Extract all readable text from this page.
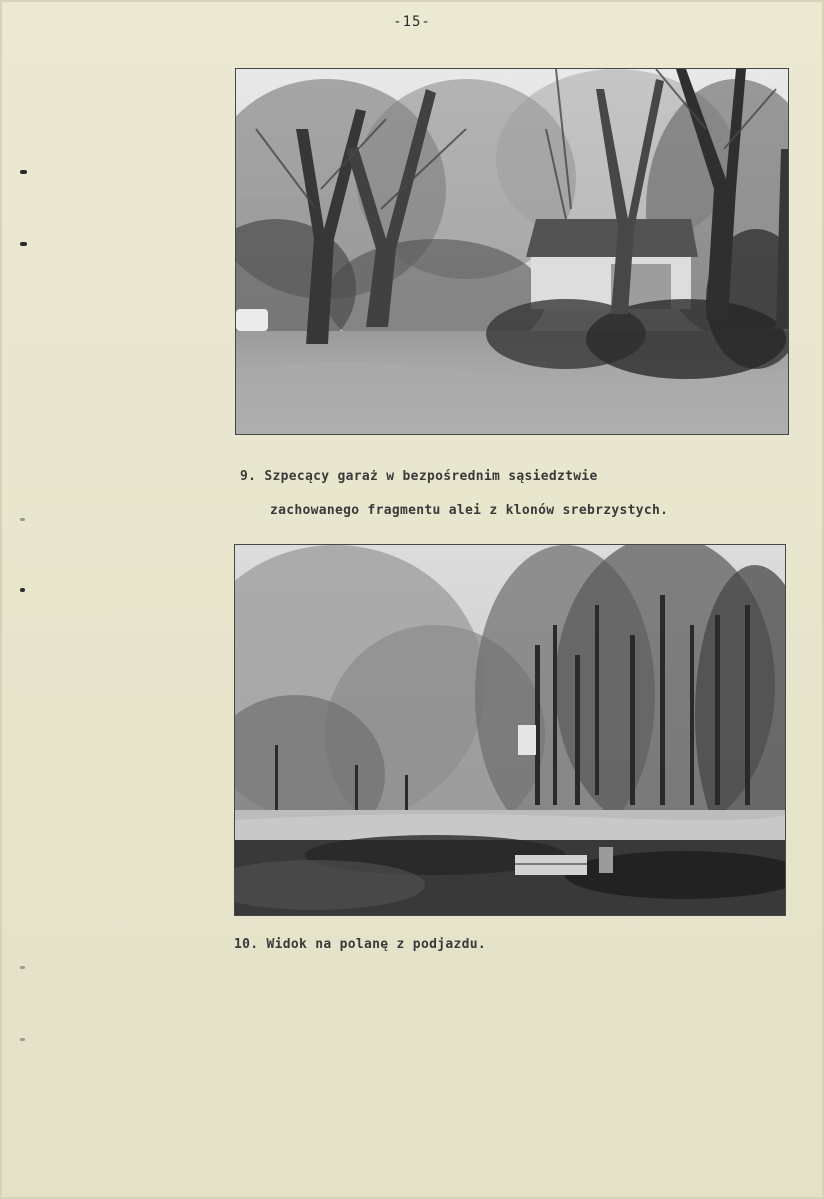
-15-
9. Szpecący garaż w bezpośrednim sąsiedztwie
zachowanego fragmentu alei z klonów srebrzystych.
10. Widok na polanę z podjazdu.
